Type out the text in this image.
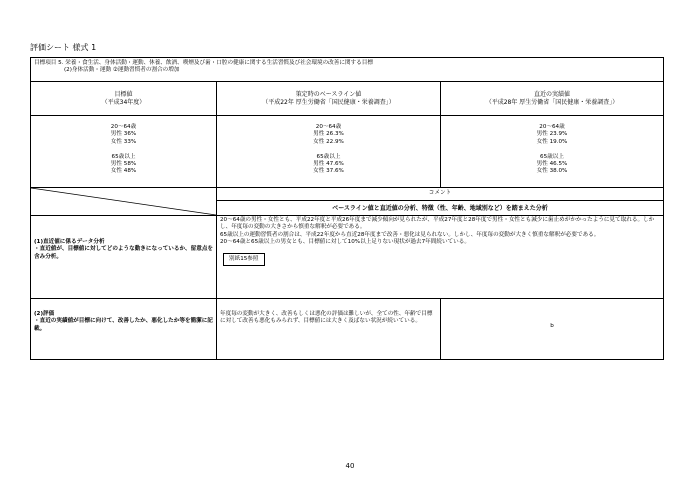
評価シート 様式 1
目標項目 5. 栄養・食生活、身体活動・運動、休養、飲酒、喫煙及び歯・口腔の健康に関する生活習慣及び社会環境の改善に関する目標
(2)身体活動・運動 ②運動習慣者の割合の増加
目標値
（平成34年度）
策定時のベースライン値
（平成22年 厚生労働省「国民健康・栄養調査」）
直近の実績値
（平成28年 厚生労働省「国民健康・栄養調査」）
20～64歳
男性 36%
女性 33%

65歳以上
男性 58%
女性 48%
20～64歳
男性 26.3%
女性 22.9%

65歳以上
男性 47.6%
女性 37.6%
20～64歳
男性 23.9%
女性 19.0%

65歳以上
男性 46.5%
女性 38.0%
コメント
ベースライン値と直近値の分析、特徴（性、年齢、地域別など）を踏まえた分析
(1)直近値に係るデータ分析
・直近値が、目標値に対してどのような動きになっているか、留意点を含み分析。
20～64歳の男性・女性とも、平成22年度と平成26年度まで減少傾向が見られたが、平成27年度と28年度で男性・女性とも減少に歯止めがかかったように見て取れる。しかし、年度毎の変動の大きさから慎重な解釈が必要である。
65歳以上の運動習慣者の割合は、平成22年度から直近28年度まで改善・悪化は見られない。しかし、年度毎の変動が大きく慎重な解釈が必要である。
20～64歳と65歳以上の男女とも、目標値に対して10%以上足りない現状が過去7年間続いている。
別紙15参照
(2)評価
・直近の実績値が目標に向けて、改善したか、悪化したか等を簡潔に記載。
年度毎の変動が大きく、改善もしくは悪化の評価は難しいが、全ての性、年齢で目標に対して改善も悪化もみられず、目標値には大きく及ばない状況が続いている。
b
40
